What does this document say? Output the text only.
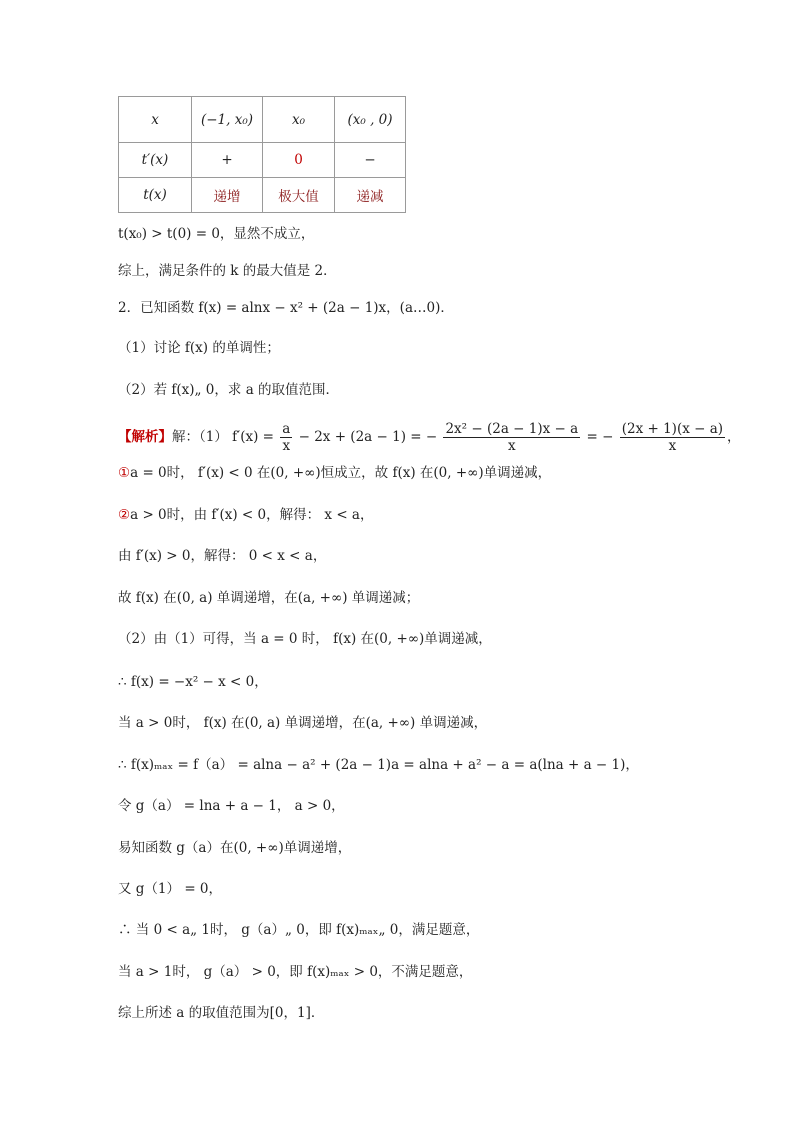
x	(−1, x₀)	x₀	(x₀ , 0)
t′(x)	+	0	−
t(x)	递增	极大值	递减
t(x₀) > t(0) = 0，显然不成立，
综上，满足条件的 k 的最大值是 2．
2．已知函数 f(x) = alnx − x² + (2a − 1)x，(a…0)．
（1）讨论 f(x) 的单调性；
（2）若 f(x)„ 0，求 a 的取值范围．
【解析】解：（1） $f'(x) = \frac{a}{x} - 2x + (2a - 1)$ = − $\frac{\text{2x² − (2a − 1)x − a}}{x}$ = − $\frac{(2x + 1)(x - a)}{x}$ ，
①a = 0时， f′(x) < 0 在(0, +∞)恒成立，故 f(x) 在(0, +∞)单调递减，
②a > 0时，由 f′(x) < 0，解得： x < a，
由 f′(x) > 0，解得： 0 < x < a，
故 f(x) 在(0, a) 单调递增，在(a, +∞) 单调递减；
（2）由（1）可得，当 a = 0 时， f(x) 在(0, +∞)单调递减，
∴ f(x) = −x² − x < 0，
当 a > 0时， f(x) 在(0, a) 单调递增，在(a, +∞) 单调递减，
∴ f(x)ₘₐₓ = f（a） = alna − a² + (2a − 1)a = alna + a² − a = a(lna + a − 1)，
令 g（a） = lna + a − 1， a > 0，
易知函数 g（a）在(0, +∞)单调递增，
又 g（1） = 0，
∴ 当 0 < a„ 1时， g（a）„ 0，即 f(x)ₘₐₓ„ 0，满足题意，
当 a > 1时， g（a） > 0，即 f(x)ₘₐₓ > 0，不满足题意，
综上所述 a 的取值范围为[0，1]．
